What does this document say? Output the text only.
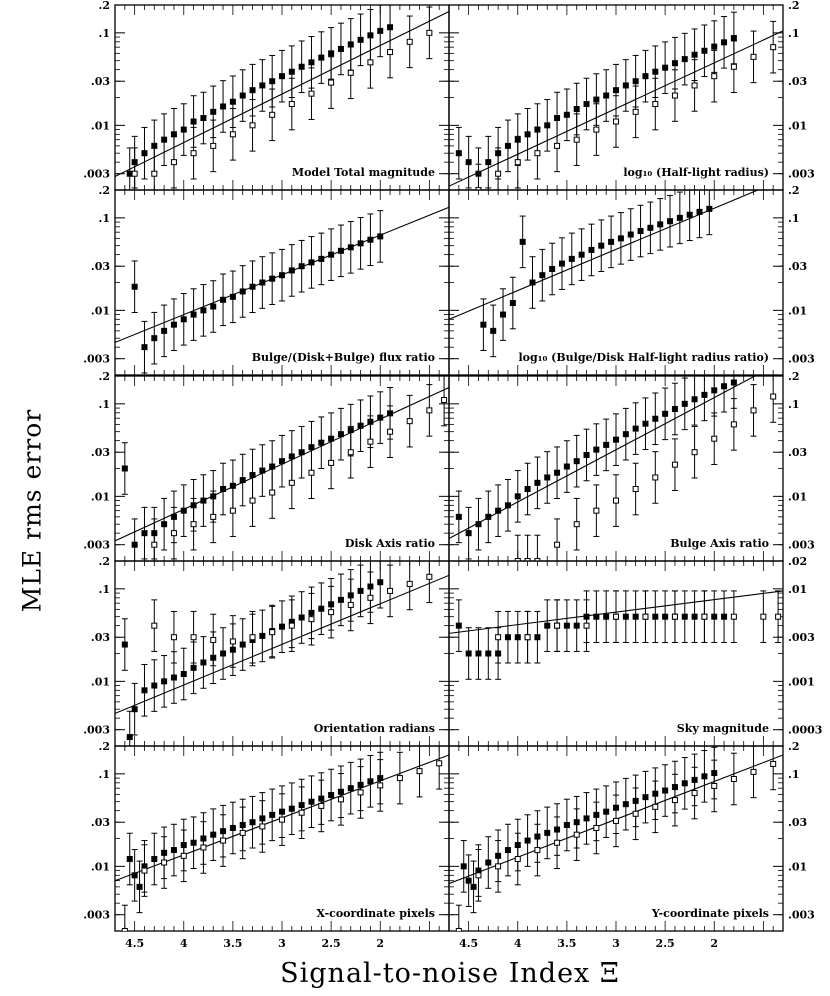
.2
.1
.03
.01
.003	Model Total magnitude
.2
.1
.03
.01
.003
log₁₀ (Half-light radius)
.2
.1
.03
.01
.003	Bulge/(Disk+Bulge) flux ratio
.2
.1
.03
.01
.003
log₁₀ (Bulge/Disk Half-light radius ratio)
.2
.1
.03
.01
.003	Disk Axis ratio
.2
.1
.03
.01
.003
Bulge Axis ratio
.2
.1
.03
.01
.003	Orientation radians
.02
.01
.003
.001
.0003
Sky magnitude
.2
.1
.03
.01
.003
4.5	4	3.5	3	2.5	2
X-coordinate pixels
.2
.1
.03
.01
.003
4.5	4	3.5	3	2.5	2
Y-coordinate pixels
MLE rms error
Signal-to-noise Index Ξ
